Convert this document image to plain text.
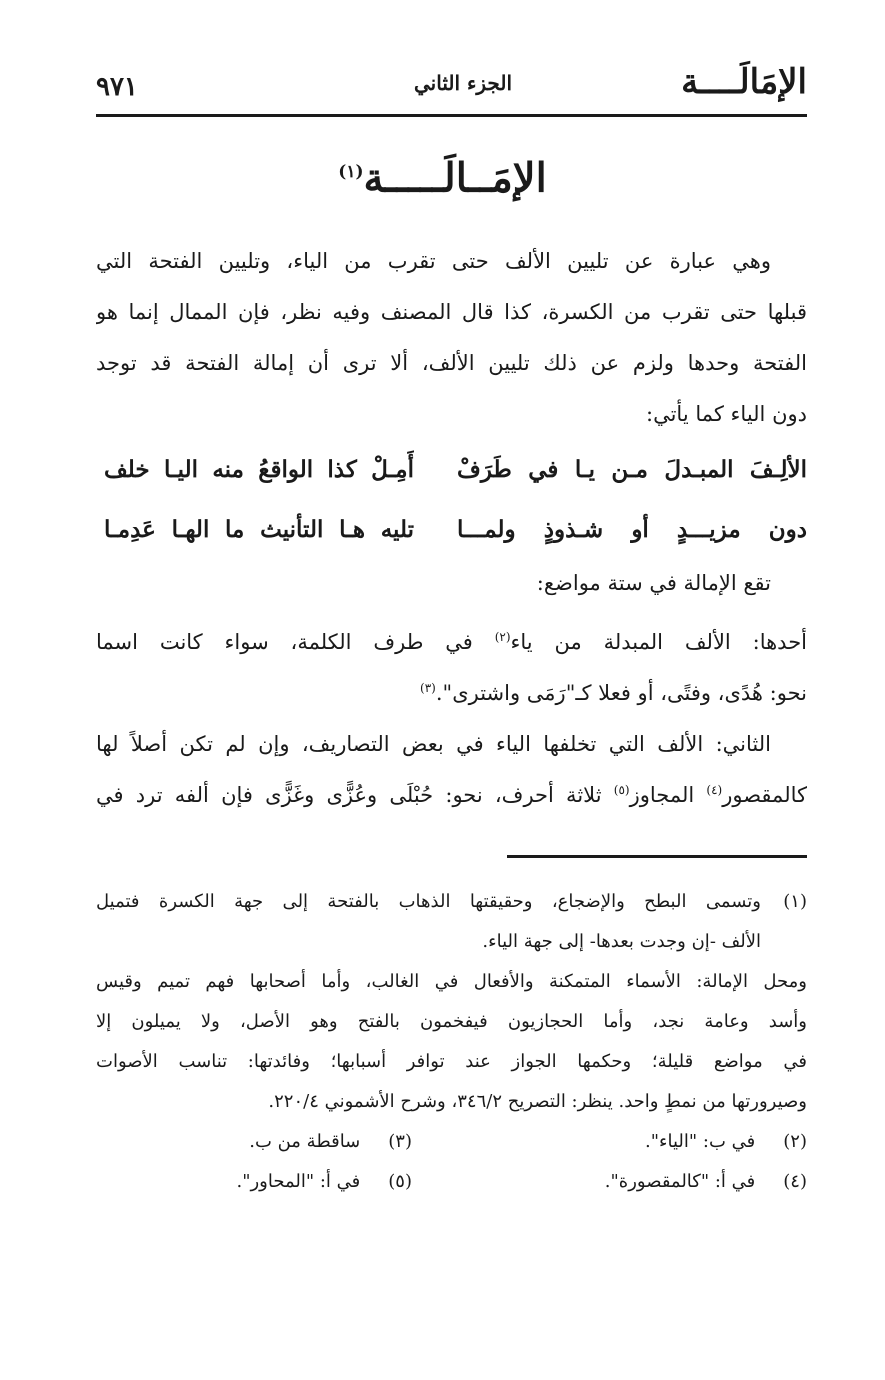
الإمَالَــــة
الجزء الثاني
٩٧١
الإمَــالَـــــة$^{(١)}$
وهي عبارة عن تليين الألف حتى تقرب من الياء، وتليين الفتحة التي
قبلها حتى تقرب من الكسرة، كذا قال المصنف وفيه نظر، فإن الممال إنما هو
الفتحة وحدها ولزم عن ذلك تليين الألف، ألا ترى أن إمالة الفتحة قد توجد
دون الياء كما يأتي:
الألِـفَ المبـدلَ مـن يـا في طَرَفْ
أَمِـلْ كذا الواقعُ منه اليـا خلف
دون مزيـــدٍ أو شـذوذٍ ولمـــا
تليه هـا التأنيث ما الهـا عَدِمـا
تقع الإمالة في ستة مواضع:
أحدها: الألف المبدلة من ياء$^{(٢)}$ في طرف الكلمة، سواء كانت اسما
نحو: هُدًى، وفتًى، أو فعلا كـ"رَمَى واشترى".$^{(٣)}$
الثاني: الألف التي تخلفها الياء في بعض التصاريف، وإن لم تكن أصلاً لها
كالمقصور$^{(٤)}$ المجاوز$^{(٥)}$ ثلاثة أحرف، نحو: حُبْلَى وعُزًّى وغَزًّى فإن ألفه ترد في
(١)وتسمى البطح والإضجاع، وحقيقتها الذهاب بالفتحة إلى جهة الكسرة فتميل
الألف -إن وجدت بعدها- إلى جهة الياء.
ومحل الإمالة: الأسماء المتمكنة والأفعال في الغالب، وأما أصحابها فهم تميم وقيس
وأسد وعامة نجد، وأما الحجازيون فيفخمون بالفتح وهو الأصل، ولا يميلون إلا
في مواضع قليلة؛ وحكمها الجواز عند توافر أسبابها؛ وفائدتها: تناسب الأصوات
وصيرورتها من نمطٍ واحد. ينظر: التصريح ٣٤٦/٢، وشرح الأشموني ٢٢٠/٤.
(٢) في ب: "الياء".
(٣) ساقطة من ب.
(٤) في أ: "كالمقصورة".
(٥) في أ: "المحاور".
